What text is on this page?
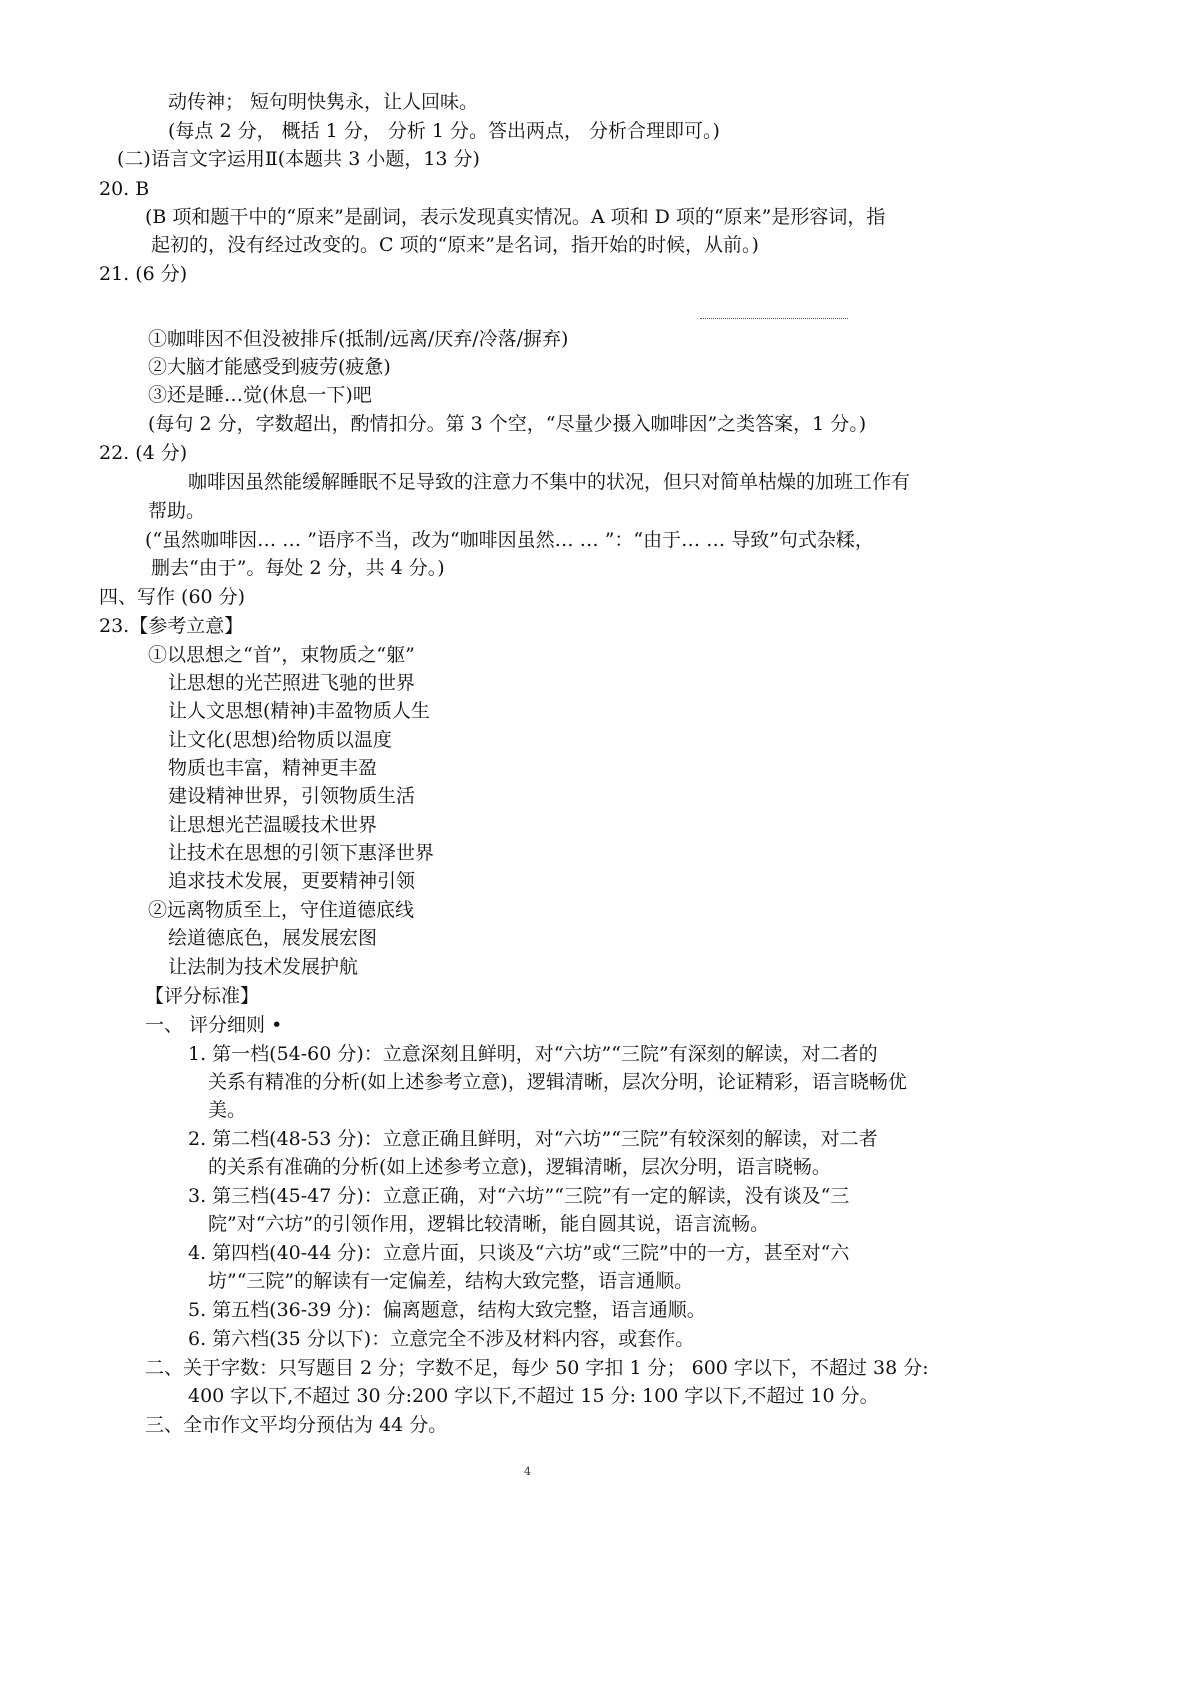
动传神； 短句明快隽永，让人回味。
(每点 2 分， 概括 1 分， 分析 1 分。答出两点， 分析合理即可。)
(二)语言文字运用Ⅱ(本题共 3 小题，13 分)
20. B
(B 项和题干中的“原来”是副词，表示发现真实情况。A 项和 D 项的“原来”是形容词，指
起初的，没有经过改变的。C 项的“原来”是名词，指开始的时候，从前。)
21. (6 分)
①咖啡因不但没被排斥(抵制/远离/厌弃/冷落/摒弃)
②大脑才能感受到疲劳(疲惫)
③还是睡…觉(休息一下)吧
(每句 2 分，字数超出，酌情扣分。第 3 个空，“尽量少摄入咖啡因”之类答案，1 分。)
22. (4 分)
咖啡因虽然能缓解睡眠不足导致的注意力不集中的状况，但只对简单枯燥的加班工作有
帮助。
(“虽然咖啡因… … ”语序不当，改为“咖啡因虽然… … ”：“由于… … 导致”句式杂糅，
删去“由于”。每处 2 分，共 4 分。)
四、写作 (60 分)
23.【参考立意】
①以思想之“首”，束物质之“躯”
让思想的光芒照进飞驰的世界
让人文思想(精神)丰盈物质人生
让文化(思想)给物质以温度
物质也丰富，精神更丰盈
建设精神世界，引领物质生活
让思想光芒温暖技术世界
让技术在思想的引领下惠泽世界
追求技术发展，更要精神引领
②远离物质至上，守住道德底线
绘道德底色，展发展宏图
让法制为技术发展护航
【评分标准】
一、 评分细则 •
1. 第一档(54-60 分)：立意深刻且鲜明，对“六坊”“三院”有深刻的解读，对二者的
关系有精准的分析(如上述参考立意)，逻辑清晰，层次分明，论证精彩，语言晓畅优
美。
2. 第二档(48-53 分)：立意正确且鲜明，对“六坊”“三院”有较深刻的解读，对二者
的关系有准确的分析(如上述参考立意)，逻辑清晰，层次分明，语言晓畅。
3. 第三档(45-47 分)：立意正确，对“六坊”“三院”有一定的解读，没有谈及“三
院”对“六坊”的引领作用，逻辑比较清晰，能自圆其说，语言流畅。
4. 第四档(40-44 分)：立意片面，只谈及“六坊”或“三院”中的一方，甚至对“六
坊”“三院”的解读有一定偏差，结构大致完整，语言通顺。
5. 第五档(36-39 分)：偏离题意，结构大致完整，语言通顺。
6. 第六档(35 分以下)：立意完全不涉及材料内容，或套作。
二、关于字数：只写题目 2 分；字数不足，每少 50 字扣 1 分； 600 字以下，不超过 38 分:
400 字以下,不超过 30 分:200 字以下,不超过 15 分: 100 字以下,不超过 10 分。
三、全市作文平均分预估为 44 分。
4
